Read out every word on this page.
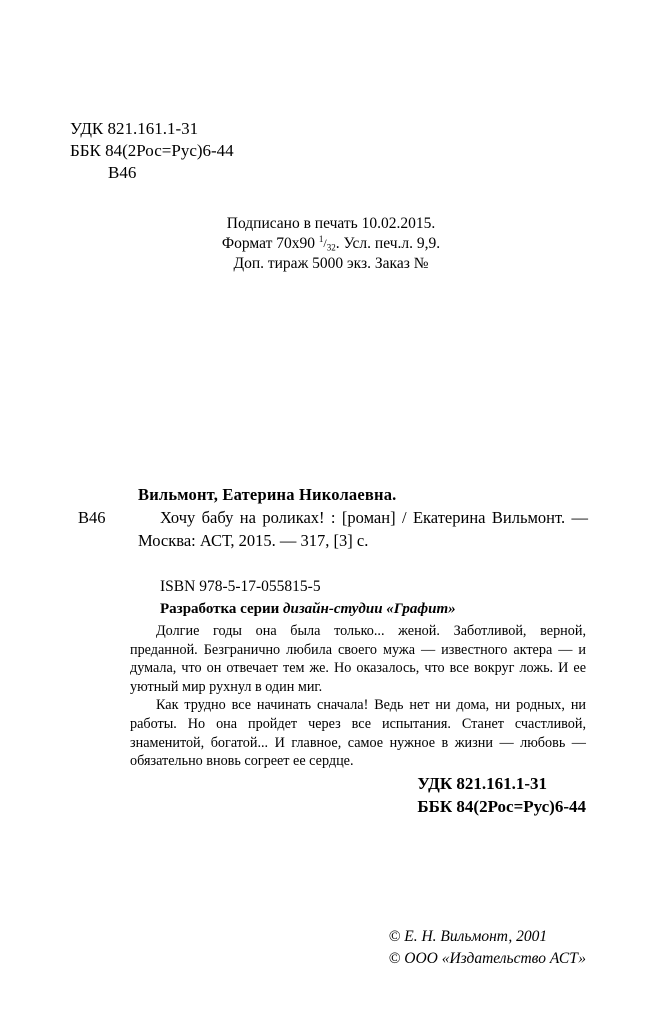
УДК 821.161.1-31
ББК 84(2Рос=Рус)6-44
В46
Подписано в печать 10.02.2015.
Формат 70х90 $^1/_{32}$. Усл. печ.л. 9,9.
Доп. тираж 5000 экз. Заказ №
Вильмонт, Еатерина Николаевна.
В46	Хочу бабу на роликах! : [роман] / Екатерина Вильмонт. — Москва: АСТ, 2015. — 317, [3] с.
ISBN 978-5-17-055815-5
Разработка серии дизайн-студии «Графит»

Долгие годы она была только... женой. Заботливой, верной, преданной. Безгранично любила своего мужа — известного актера — и думала, что он отвечает тем же. Но оказалось, что все вокруг ложь. И ее уютный мир рухнул в один миг.

Как трудно все начинать сначала! Ведь нет ни дома, ни родных, ни работы. Но она пройдет через все испытания. Станет счастливой, знаменитой, богатой... И главное, самое нужное в жизни — любовь — обязательно вновь согреет ее сердце.

УДК 821.161.1-31
ББК 84(2Рос=Рус)6-44
© Е. Н. Вильмонт, 2001
© ООО «Издательство АСТ»
